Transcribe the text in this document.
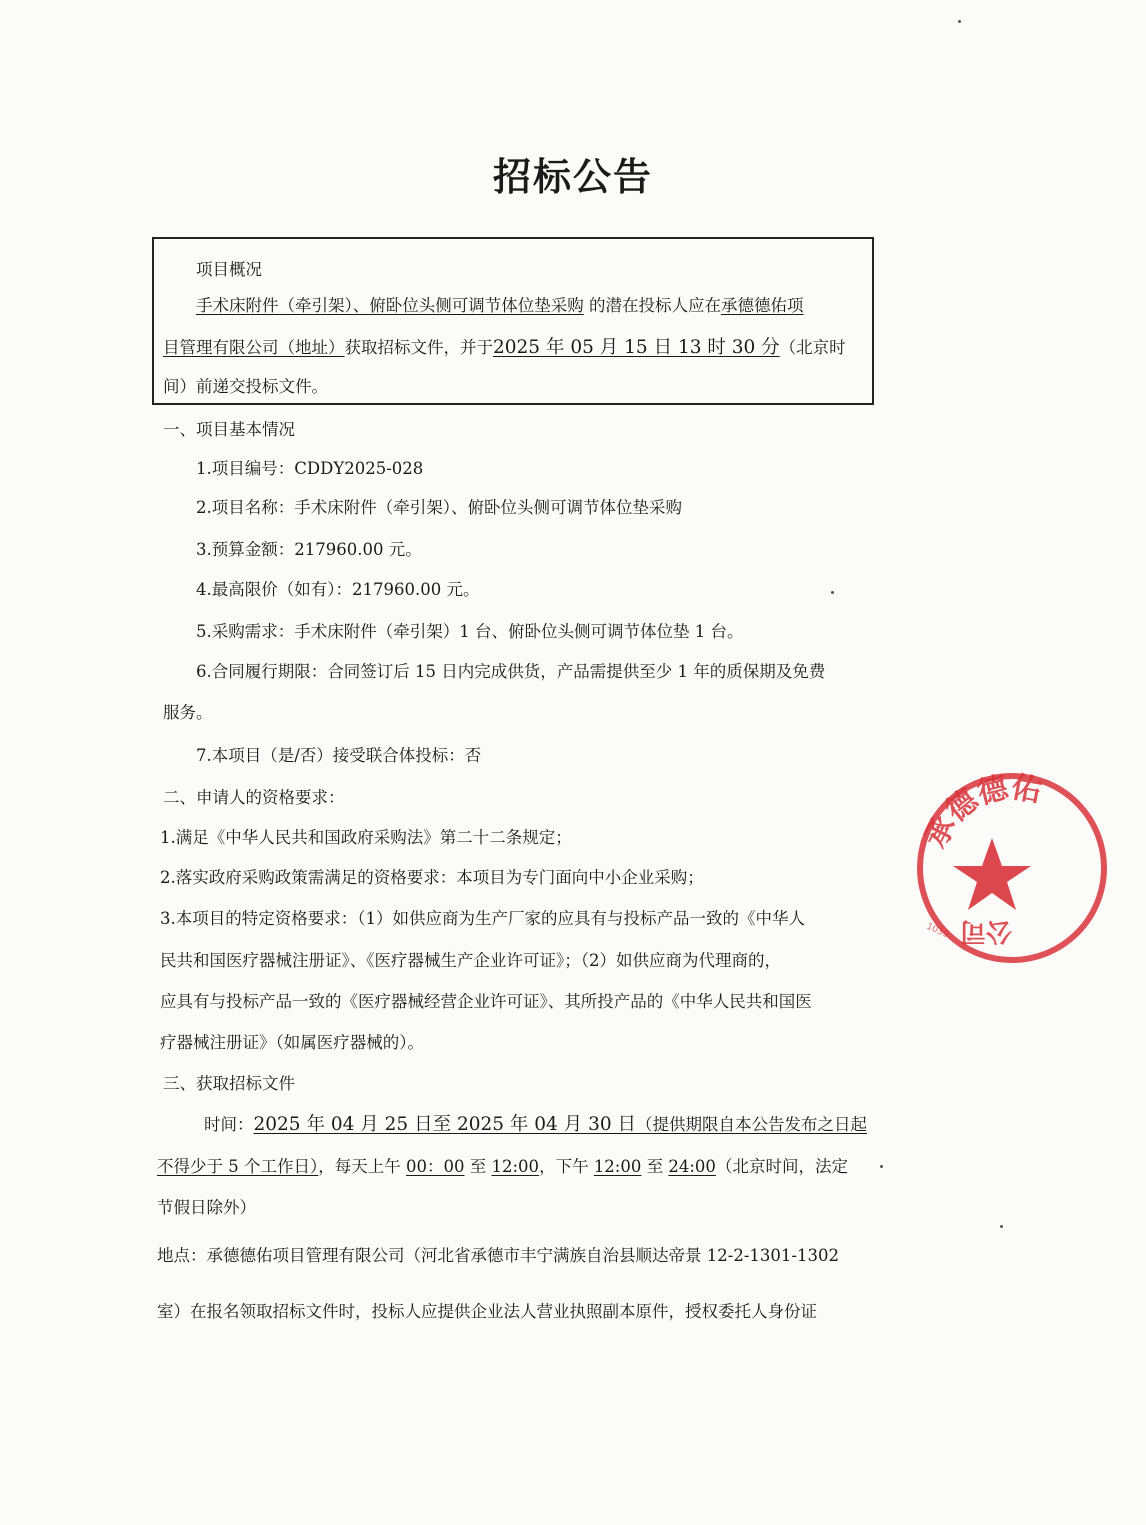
招标公告
项目概况
手术床附件（牵引架）、俯卧位头侧可调节体位垫采购 的潜在投标人应在承德德佑项
目管理有限公司（地址）获取招标文件，并于2025 年 05 月 15 日 13 时 30 分（北京时
间）前递交投标文件。
一、项目基本情况
1.项目编号：CDDY2025-028
2.项目名称：手术床附件（牵引架）、俯卧位头侧可调节体位垫采购
3.预算金额：217960.00 元。
4.最高限价（如有）：217960.00 元。
5.采购需求：手术床附件（牵引架）1 台、俯卧位头侧可调节体位垫 1 台。
6.合同履行期限：合同签订后 15 日内完成供货，产品需提供至少 1 年的质保期及免费
服务。
7.本项目（是/否）接受联合体投标：否
二、申请人的资格要求：
1.满足《中华人民共和国政府采购法》第二十二条规定；
2.落实政府采购政策需满足的资格要求：本项目为专门面向中小企业采购；
3.本项目的特定资格要求：（1）如供应商为生产厂家的应具有与投标产品一致的《中华人
民共和国医疗器械注册证》、《医疗器械生产企业许可证》；（2）如供应商为代理商的，
应具有与投标产品一致的《医疗器械经营企业许可证》、其所投产品的《中华人民共和国医
疗器械注册证》（如属医疗器械的）。
三、获取招标文件
时间：2025 年 04 月 25 日至 2025 年 04 月 30 日（提供期限自本公告发布之日起
不得少于 5 个工作日），每天上午 00：00 至 12:00，下午 12:00 至 24:00（北京时间，法定
节假日除外）
地点：承德德佑项目管理有限公司（河北省承德市丰宁满族自治县顺达帝景 12-2-1301-1302
室）在报名领取招标文件时，投标人应提供企业法人营业执照副本原件，授权委托人身份证
承德德佑
公司
1039
